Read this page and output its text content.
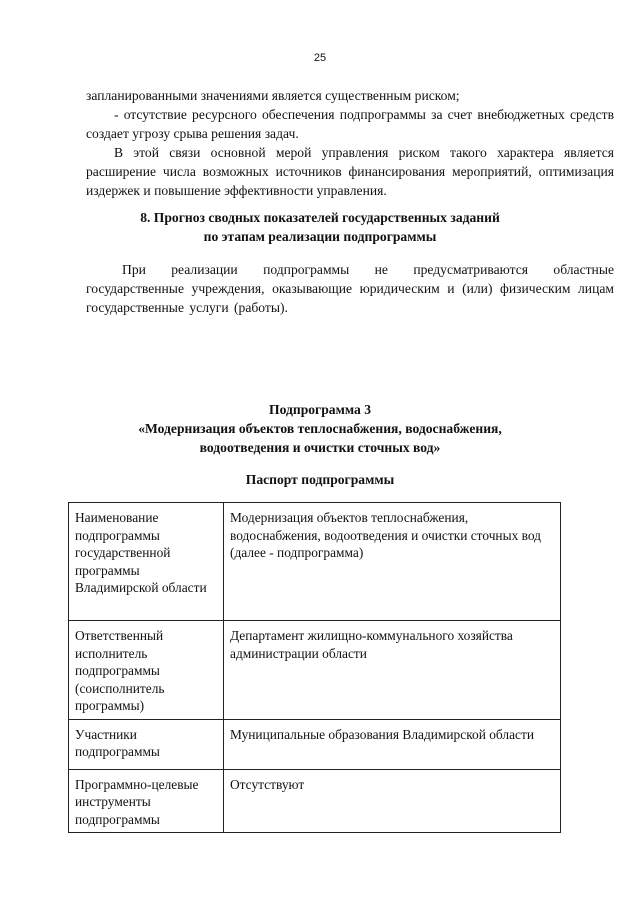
25

запланированными значениями является существенным риском;

- отсутствие ресурсного обеспечения подпрограммы за счет внебюджетных средств создает угрозу срыва решения задач.

В этой связи основной мерой управления риском такого характера является расширение числа возможных источников финансирования мероприятий, оптимизация издержек и повышение эффективности управления.

8. Прогноз сводных показателей государственных заданий

по этапам реализации подпрограммы

При реализации подпрограммы не предусматриваются областные государственные учреждения, оказывающие юридическим и (или) физическим лицам государственные услуги (работы).

Подпрограмма 3

«Модернизация объектов теплоснабжения, водоснабжения,

водоотведения и очистки сточных вод»

Паспорт подпрограммы

Наименование подпрограммы государственной программы Владимирской области	Модернизация объектов теплоснабжения, водоснабжения, водоотведения и очистки сточных вод (далее - подпрограмма)
Ответственный исполнитель подпрограммы (соисполнитель программы)	Департамент жилищно-коммунального хозяйства администрации области
Участники подпрограммы	Муниципальные образования Владимирской области
Программно-целевые инструменты подпрограммы	Отсутствуют
